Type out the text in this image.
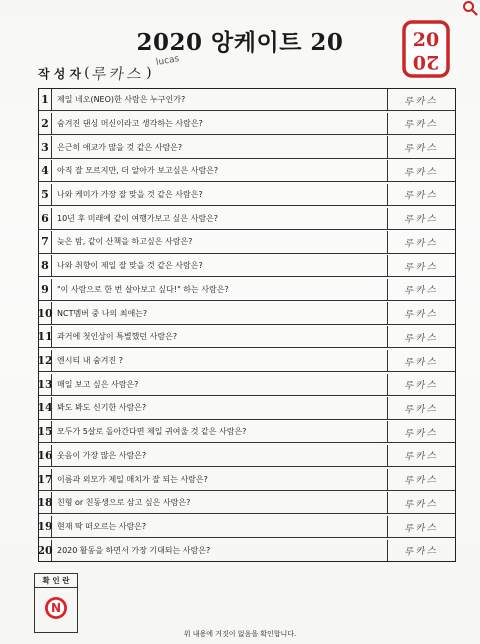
2020 앙케이트 20	20
20
작 성 자 ( 루카스 )
lucas
1	제일 네오(NEO)한 사람은 누구인가?	루카스
2	숨겨진 댄싱 머신이라고 생각하는 사람은?	루카스
3	은근히 애교가 많을 것 같은 사람은?	루카스
4	아직 잘 모르지만, 더 알아가 보고싶은 사람은?	루카스
5	나와 케미가 가장 잘 맞을 것 같은 사람은?	루카스
6	10년 후 미래에 같이 여행가보고 싶은 사람은?	루카스
7	늦은 밤, 같이 산책을 하고싶은 사람은?	루카스
8	나와 취향이 제일 잘 맞을 것 같은 사람은?	루카스
9	"이 사람으로 한 번 살아보고 싶다!" 하는 사람은?	루카스
10 NCT멤버 중 나의 최애는?	루카스
11 과거에 첫인상이 특별했던 사람은?	루카스
12 엔시티 내 숨겨진 ?	루카스
13 매일 보고 싶은 사람은?	루카스
14 봐도 봐도 신기한 사람은?	루카스
15 모두가 5살로 돌아간다면 제일 귀여울 것 같은 사람은?	루카스
16 웃음이 가장 많은 사람은?	루카스
17 이름과 외모가 제일 매치가 잘 되는 사람은?	루카스
18 친형 or 친동생으로 삼고 싶은 사람은?	루카스
19 현재 딱 떠오르는 사람은?	루카스
20 2020 활동을 하면서 가장 기대되는 사람은?	루카스
확 인 란
N
위 내용에 거짓이 없음을 확인합니다.
